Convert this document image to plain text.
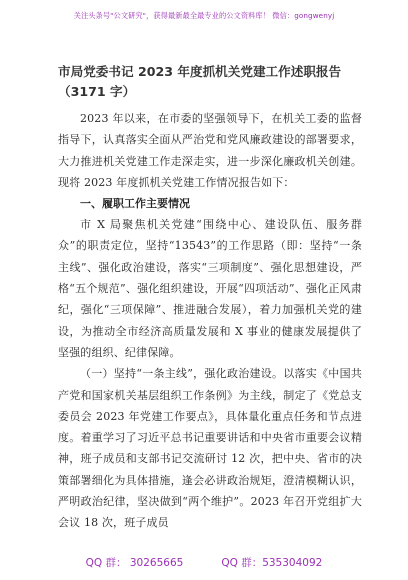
关注头条号"公文研究"，获得最新最全最专业的公文资料库！ 微信：gongwenyj
市局党委书记 2023 年度抓机关党建工作述职报告（3171 字）

2023 年以来，在市委的坚强领导下，在机关工委的监督指导下，认真落实全面从严治党和党风廉政建设的部署要求，大力推进机关党建工作走深走实，进一步深化廉政机关创建。现将 2023 年度抓机关党建工作情况报告如下：

一、履职工作主要情况

市 X 局聚焦机关党建“围绕中心、建设队伍、服务群众”的职责定位，坚持“13543”的工作思路（即：坚持“一条主线”、强化政治建设，落实“三项制度”、强化思想建设，严格“五个规范”、强化组织建设，开展“四项活动”、强化正风肃纪，强化“三项保障”、推进融合发展），着力加强机关党的建设，为推动全市经济高质量发展和 X 事业的健康发展提供了坚强的组织、纪律保障。

（一）坚持“一条主线”，强化政治建设。以落实《中国共产党和国家机关基层组织工作条例》为主线，制定了《党总支委员会 2023 年党建工作要点》，具体量化重点任务和节点进度。着重学习了习近平总书记重要讲话和中央省市重要会议精神，班子成员和支部书记交流研讨 12 次，把中央、省市的决策部署细化为具体措施，逢会必讲政治规矩，澄清模糊认识，严明政治纪律，坚决做到“两个维护”。2023 年召开党组扩大会议 18 次，班子成员

QQ 群： 30265665	QQ 群：535304092
